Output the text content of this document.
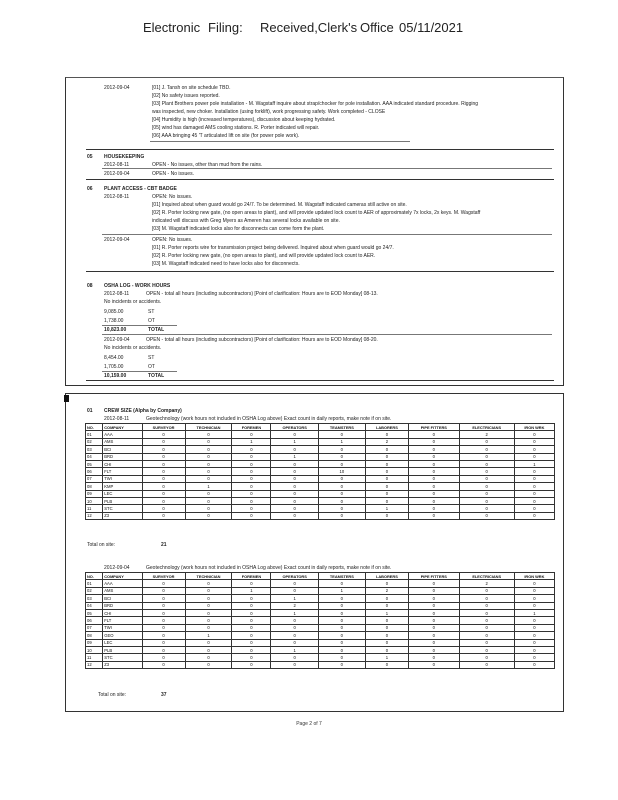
Electronic Filing: Received,Clerk's Office 05/11/2021
2012-09-04	[01] J. Tansh on site schedule TBD.
[02] No safety issues reported.
[03] Plant Brothers power pole installation - M. Wagstaff inquire about strap/chocker for pole installation. AAA indicated standard procedure. Rigging
was inspected, new choker. Installation (using forklift), work progressing safety. Work completed - CLOSE
[04] Humidity is high (increased temperatures), discussion about keeping hydrated.
[05] wind has damaged AMS cooling stations. R. Porter indicated will repair.
[06] AAA bringing 45 'T articulated lift on site (for power pole work).
05 HOUSEKEEPING
2012-08-11	OPEN - No issues, other than mud from the rains.
2012-09-04	OPEN - No issues.
06 PLANT ACCESS - CBT BADGE
2012-08-11	OPEN: No issues.
[01] Inquired about when guard would go 24/7. To be determined. M. Wagstaff indicated cameras still active on site.
[02] R. Porter locking new gate, (no open areas to plant), and will provide updated lock count to AER of approximately 7x locks, 2x keys. M. Wagstaff
indicated will discuss with Greg Myers as Ameren has several locks available on site.
[03] M. Wagstaff indicated locks also for disconnects can come form the plant.
2012-09-04	OPEN: No issues.
[01] R. Porter reports wire for transmission project being delivered. Inquired about when guard would go 24/7.
[02] R. Porter locking new gate, (no open areas to plant), and will provide updated lock count to AER.
[03] M. Wagstaff indicated need to have locks also for disconnects.
08 OSHA LOG - WORK HOURS
2012-08-11	OPEN - total all hours (including subcontractors) [Point of clarification: Hours are to EOD Monday] 08-13.
No incidents or accidents.
9,085.00	ST
1,738.00	OT
10,823.00	TOTAL
2012-09-04	OPEN - total all hours (including subcontractors) [Point of clarification: Hours are to EOD Monday] 08-20.
No incidents or accidents.
8,454.00	ST
1,705.00	OT
10,159.00	TOTAL
01 CREW SIZE (Alpha by Company)
2012-08-11	Geotechnology (work hours not included in OSHA Log above) Exact count in daily reports, make note if on site.
NO.	COMPANY	SURVEYOR	TECHNICIAN	FOREMEN	OPERATORS	TEAMSTERS	LABORERS	PIPE FITTERS	ELECTRICIANS	IRON WRK
01	AAA	0	0	0	0	0	0	0	2	0
02	AMS	0	0	1	1	1	2	0	0	0
03	BCI	0	0	0	0	0	0	0	0	0
04	BRD	0	0	0	1	0	0	0	0	0
05	CHI	0	0	0	0	0	0	0	0	1
06	FLT	0	0	0	0	10	0	0	0	0
07	TWI	0	0	0	0	0	0	0	0	0
08	KMP	0	1	0	0	0	0	0	0	0
09	LEC	0	0	0	0	0	0	0	0	0
10	PLB	0	0	0	0	0	0	0	0	0
11	STC	0	0	0	0	0	1	0	0	0
12	Z3	0	0	0	0	0	0	0	0	0
Total on site:	21
2012-09-04	Geotechnology (work hours not included in OSHA Log above) Exact count in daily reports, make note if on site.
NO.	COMPANY	SURVEYOR	TECHNICIAN	FOREMEN	OPERATORS	TEAMSTERS	LABORERS	PIPE FITTERS	ELECTRICIANS	IRON WRK
01	AAA	0	0	0	0	0	0	0	2	0
02	AMS	0	0	1	0	1	2	0	0	0
03	BCI	0	0	0	1	0	0	0	0	0
04	BRD	0	0	0	2	0	0	0	0	0
05	CHI	0	0	0	1	0	1	0	0	1
06	FLT	0	0	0	0	0	0	0	0	0
07	TWI	0	0	0	0	0	0	0	0	0
08	GEO	0	1	0	0	0	0	0	0	0
09	LEC	0	0	0	0	0	0	0	0	0
10	PLB	0	0	0	1	0	0	0	0	0
11	STC	0	0	0	0	0	1	0	0	0
12	Z3	0	0	0	0	0	0	0	0	0
Total on site:	37
Page 2 of 7
